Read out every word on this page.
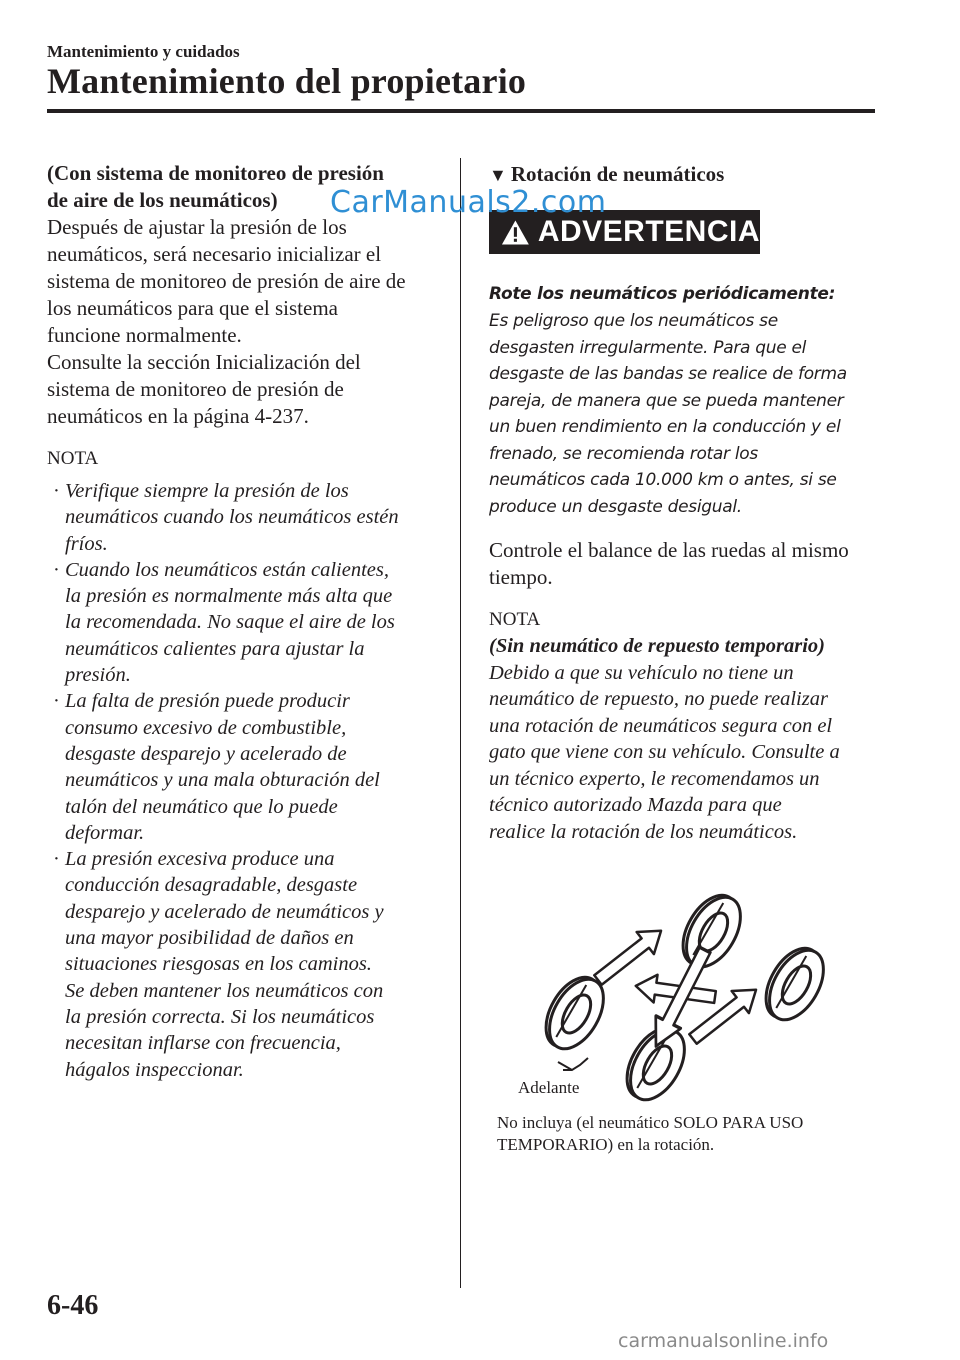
Mantenimiento y cuidados
Mantenimiento del propietario

(Con sistema de monitoreo de presión
de aire de los neumáticos)

Después de ajustar la presión de los
neumáticos, será necesario inicializar el
sistema de monitoreo de presión de aire de
los neumáticos para que el sistema
funcione normalmente.

Consulte la sección Inicialización del
sistema de monitoreo de presión de
neumáticos en la página 4-237.

NOTA

· Verifique siempre la presión de los
neumáticos cuando los neumáticos estén
fríos.
· Cuando los neumáticos están calientes,
la presión es normalmente más alta que
la recomendada. No saque el aire de los
neumáticos calientes para ajustar la
presión.
· La falta de presión puede producir
consumo excesivo de combustible,
desgaste desparejo y acelerado de
neumáticos y una mala obturación del
talón del neumático que lo puede
deformar.
· La presión excesiva produce una
conducción desagradable, desgaste
desparejo y acelerado de neumáticos y
una mayor posibilidad de daños en
situaciones riesgosas en los caminos.
Se deben mantener los neumáticos con
la presión correcta. Si los neumáticos
necesitan inflarse con frecuencia,
hágalos inspeccionar.

▼ Rotación de neumáticos

ADVERTENCIA

Rote los neumáticos periódicamente:

Es peligroso que los neumáticos se
desgasten irregularmente. Para que el
desgaste de las bandas se realice de forma
pareja, de manera que se pueda mantener
un buen rendimiento en la conducción y el
frenado, se recomienda rotar los
neumáticos cada 10.000 km o antes, si se
produce un desgaste desigual.

Controle el balance de las ruedas al mismo
tiempo.

NOTA

(Sin neumático de repuesto temporario)

Debido a que su vehículo no tiene un
neumático de repuesto, no puede realizar
una rotación de neumáticos segura con el
gato que viene con su vehículo. Consulte a
un técnico experto, le recomendamos un
técnico autorizado Mazda para que
realice la rotación de los neumáticos.

Adelante
No incluya (el neumático SOLO PARA USO
TEMPORARIO) en la rotación.
CarManuals2.com
6-46
carmanualsonline.info
